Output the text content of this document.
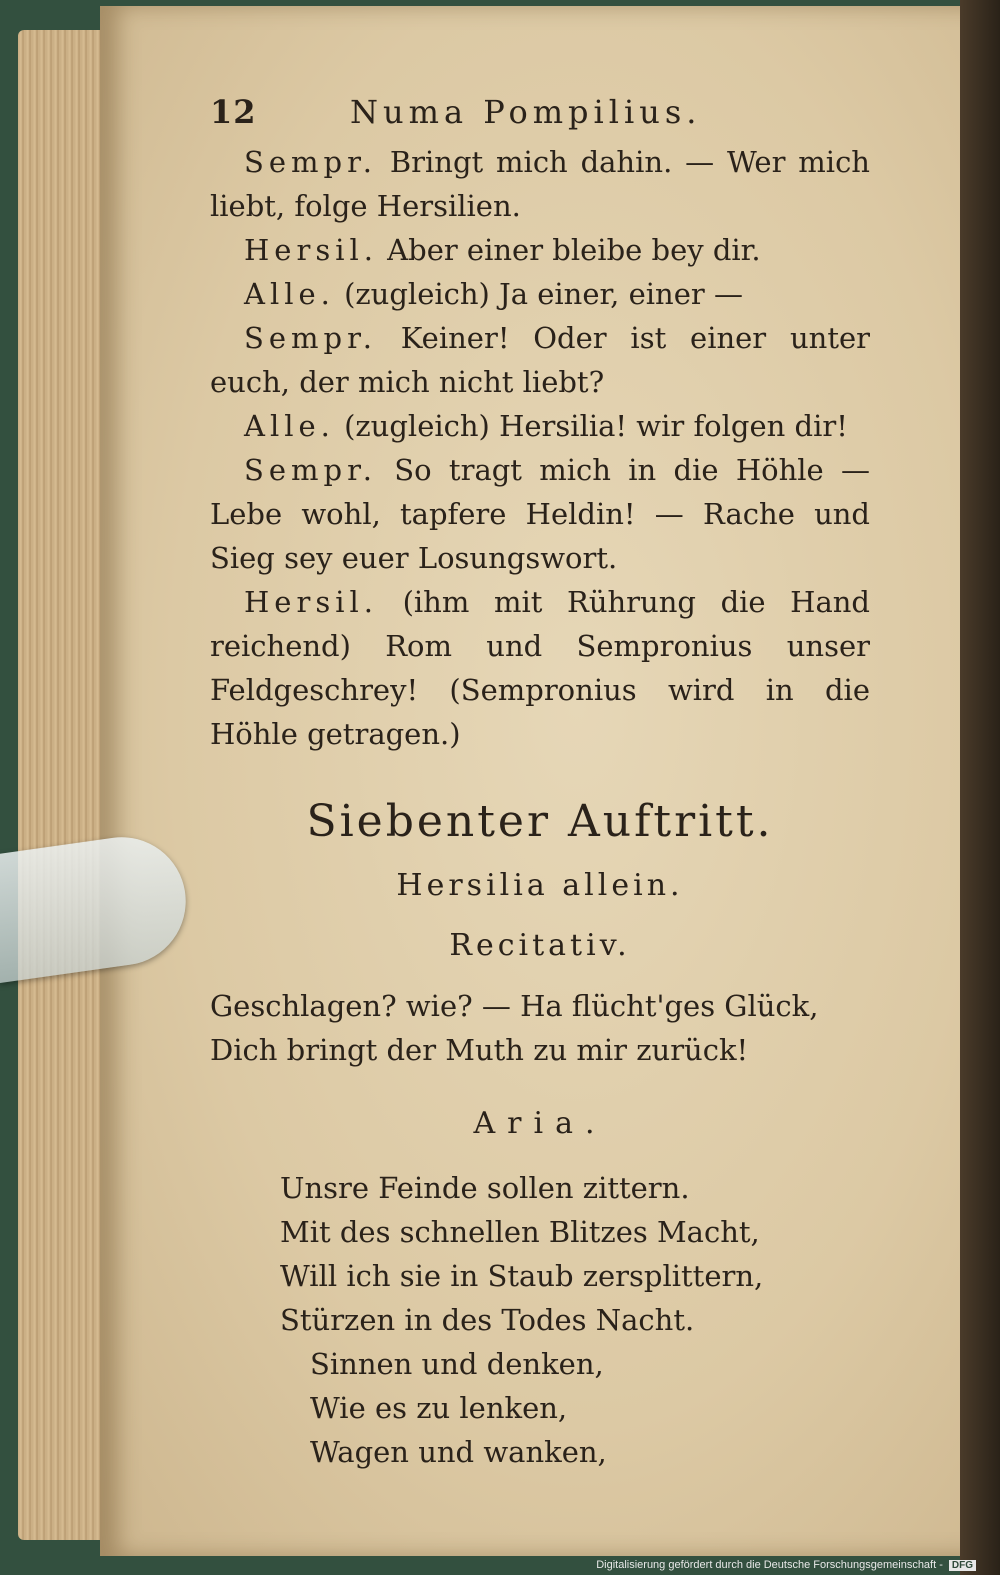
12	Numa Pompilius.

Sempr. Bringt mich dahin. — Wer mich liebt, folge Hersilien.

Hersil. Aber einer bleibe bey dir.

Alle. (zugleich) Ja einer, einer —

Sempr. Keiner! Oder ist einer unter euch, der mich nicht liebt?

Alle. (zugleich) Hersilia! wir folgen dir!

Sempr. So tragt mich in die Höhle — Lebe wohl, tapfere Heldin! — Rache und Sieg sey euer Losungswort.

Hersil. (ihm mit Rührung die Hand reichend) Rom und Sempronius unser Feldgeschrey! (Sempronius wird in die Höhle getragen.)

Siebenter Auftritt.
Hersilia allein.
Recitativ.

Geschlagen? wie? — Ha flücht'ges Glück,

Dich bringt der Muth zu mir zurück!

Aria.

Unsre Feinde sollen zittern.

Mit des schnellen Blitzes Macht,

Will ich sie in Staub zersplittern,

Stürzen in des Todes Nacht.

Sinnen und denken,

Wie es zu lenken,

Wagen und wanken,

Digitalisierung gefördert durch die Deutsche Forschungsgemeinschaft - DFG
